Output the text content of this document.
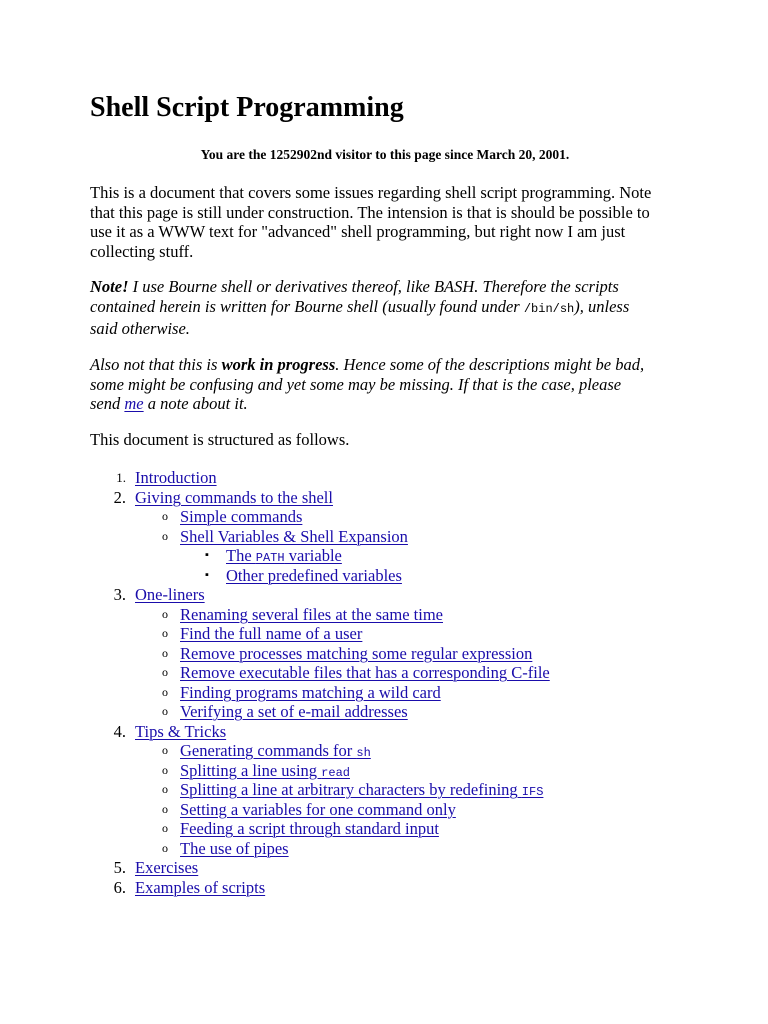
Shell Script Programming
You are the 1252902nd visitor to this page since March 20, 2001.

This is a document that covers some issues regarding shell script programming. Note
that this page is still under construction. The intension is that is should be possible to
use it as a WWW text for "advanced" shell programming, but right now I am just
collecting stuff.

Note! I use Bourne shell or derivatives thereof, like BASH. Therefore the scripts
contained herein is written for Bourne shell (usually found under /bin/sh), unless
said otherwise.

Also not that this is work in progress. Hence some of the descriptions might be bad,
some might be confusing and yet some may be missing. If that is the case, please
send me a note about it.

This document is structured as follows.

1. Introduction
2. Giving commands to the shell
o Simple commands
o Shell Variables & Shell Expansion
▪	The PATH variable
▪	Other predefined variables
3. One-liners
o Renaming several files at the same time
o Find the full name of a user
o Remove processes matching some regular expression
o Remove executable files that has a corresponding C-file
o Finding programs matching a wild card
o Verifying a set of e-mail addresses
4. Tips & Tricks
o Generating commands for sh
o Splitting a line using read
o Splitting a line at arbitrary characters by redefining IFS
o Setting a variables for one command only
o Feeding a script through standard input
o The use of pipes
5. Exercises
6. Examples of scripts
